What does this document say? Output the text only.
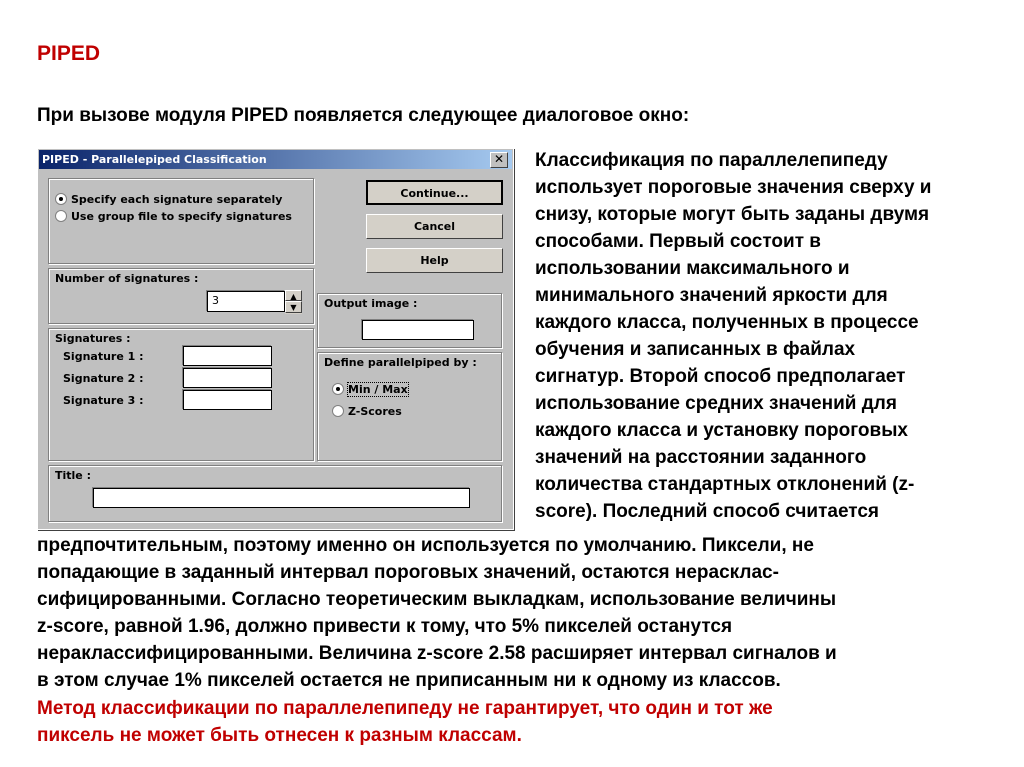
PIPED
При вызове модуля PIPED появляется следующее диалоговое окно:
PIPED - Parallelepiped Classification	✕
Specify each signature separately
Use group file to specify signatures
Number of signatures :
3	▲
▼
Signatures :
Signature 1 :
Signature 2 :
Signature 3 :
Title :
Continue...
Cancel
Help
Output image :
Define parallelpiped by :
Min / Max
Z-Scores
Классификация по параллелепипеду
использует пороговые значения сверху и
снизу, которые могут быть заданы двумя
способами. Первый состоит в
использовании максимального и
минимального значений яркости для
каждого класса, полученных в процессе
обучения и записанных в файлах
сигнатур. Второй способ предполагает
использование средних значений для
каждого класса и установку пороговых
значений на расстоянии заданного
количества стандартных отклонений (z-
score). Последний способ считается
предпочтительным, поэтому именно он используется по умолчанию. Пиксели, не
попадающие в заданный интервал пороговых значений, остаются нерасклас-
сифицированными. Согласно теоретическим выкладкам, использование величины
z-score, равной 1.96, должно привести к тому, что 5% пикселей останутся
нераклассифицированными. Величина z-score 2.58 расширяет интервал сигналов и
в этом случае 1% пикселей остается не приписанным ни к одному из классов.
Метод классификации по параллелепипеду не гарантирует, что один и тот же
пиксель не может быть отнесен к разным классам.
